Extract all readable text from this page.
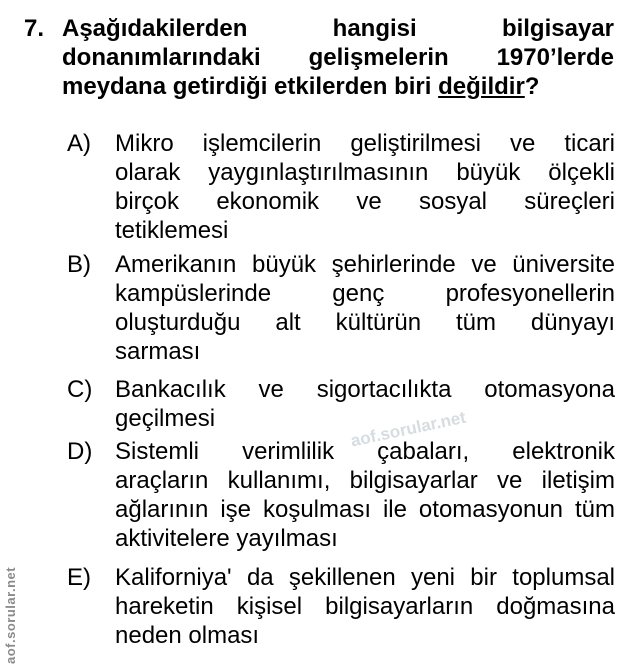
7. Aşağıdakilerden hangisi bilgisayar
donanımlarındaki gelişmelerin 1970’lerde
meydana getirdiği etkilerden biri değildir?
A) Mikro işlemcilerin geliştirilmesi ve ticari
olarak yaygınlaştırılmasının büyük ölçekli
birçok ekonomik ve sosyal süreçleri
tetiklemesi
B) Amerikanın büyük şehirlerinde ve üniversite
kampüslerinde genç profesyonellerin
oluşturduğu alt kültürün tüm dünyayı
sarması
C) Bankacılık ve sigortacılıkta otomasyona
geçilmesi
D) Sistemli verimlilik çabaları, elektronik
araçların kullanımı, bilgisayarlar ve iletişim
ağlarının işe koşulması ile otomasyonun tüm
aktivitelere yayılması
E) Kaliforniya' da şekillenen yeni bir toplumsal
hareketin kişisel bilgisayarların doğmasına
neden olması
aof.sorular.net
aof.sorular.net
